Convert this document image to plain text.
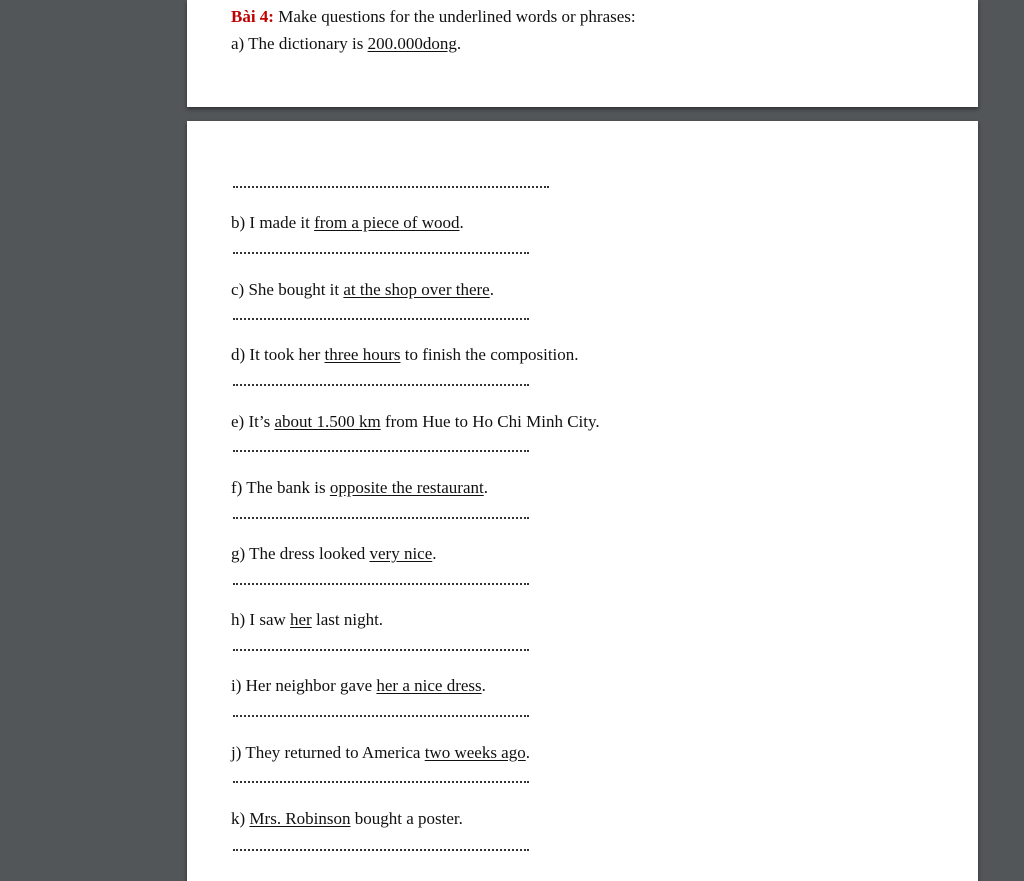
Bài 4: Make questions for the underlined words or phrases:
a) The dictionary is 200.000dong.
b) I made it from a piece of wood.
c) She bought it at the shop over there.
d) It took her three hours to finish the composition.
e) It’s about 1.500 km from Hue to Ho Chi Minh City.
f) The bank is opposite the restaurant.
g) The dress looked very nice.
h) I saw her last night.
i) Her neighbor gave her a nice dress.
j) They returned to America two weeks ago.
k) Mrs. Robinson bought a poster.
